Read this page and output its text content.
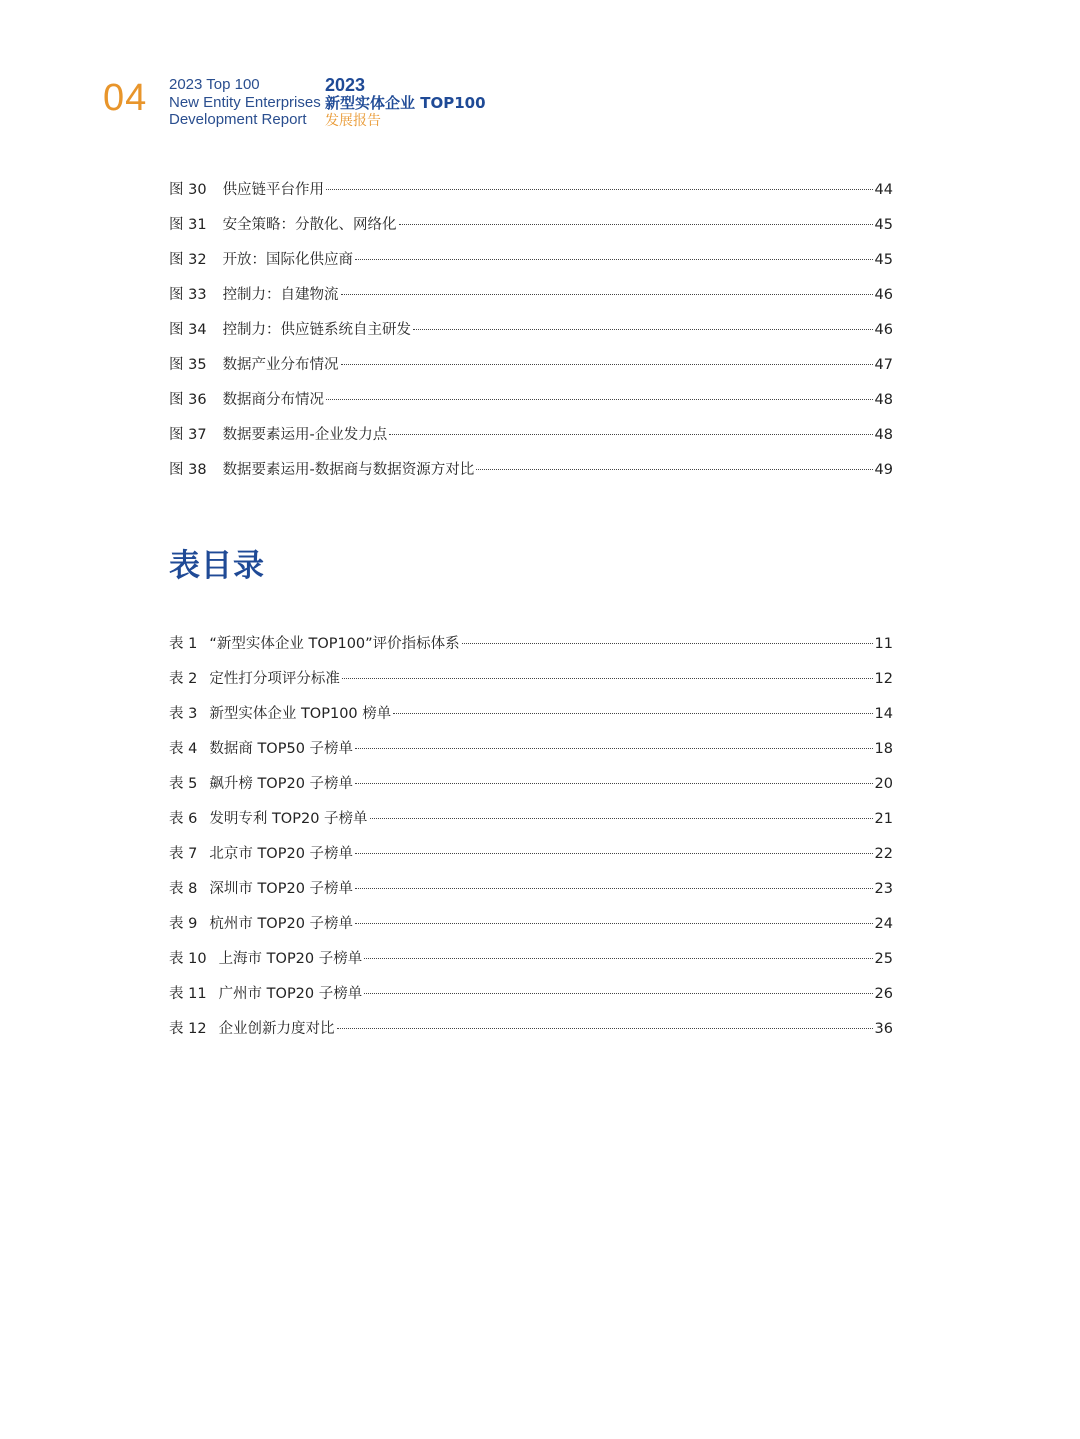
04 2023 Top 100
New Entity Enterprises
Development Report
2023
新型实体企业 TOP100
发展报告
图 30 供应链平台作用	44
图 31 安全策略：分散化、网络化	45
图 32 开放：国际化供应商	45
图 33 控制力：自建物流	46
图 34 控制力：供应链系统自主研发	46
图 35 数据产业分布情况	47
图 36 数据商分布情况	48
图 37 数据要素运用-企业发力点	48
图 38 数据要素运用-数据商与数据资源方对比	49
表目录
表 1 “新型实体企业 TOP100”评价指标体系	11
表 2 定性打分项评分标准	12
表 3 新型实体企业 TOP100 榜单	14
表 4 数据商 TOP50 子榜单	18
表 5 飙升榜 TOP20 子榜单	20
表 6 发明专利 TOP20 子榜单	21
表 7 北京市 TOP20 子榜单	22
表 8 深圳市 TOP20 子榜单	23
表 9 杭州市 TOP20 子榜单	24
表 10 上海市 TOP20 子榜单	25
表 11 广州市 TOP20 子榜单	26
表 12 企业创新力度对比	36
